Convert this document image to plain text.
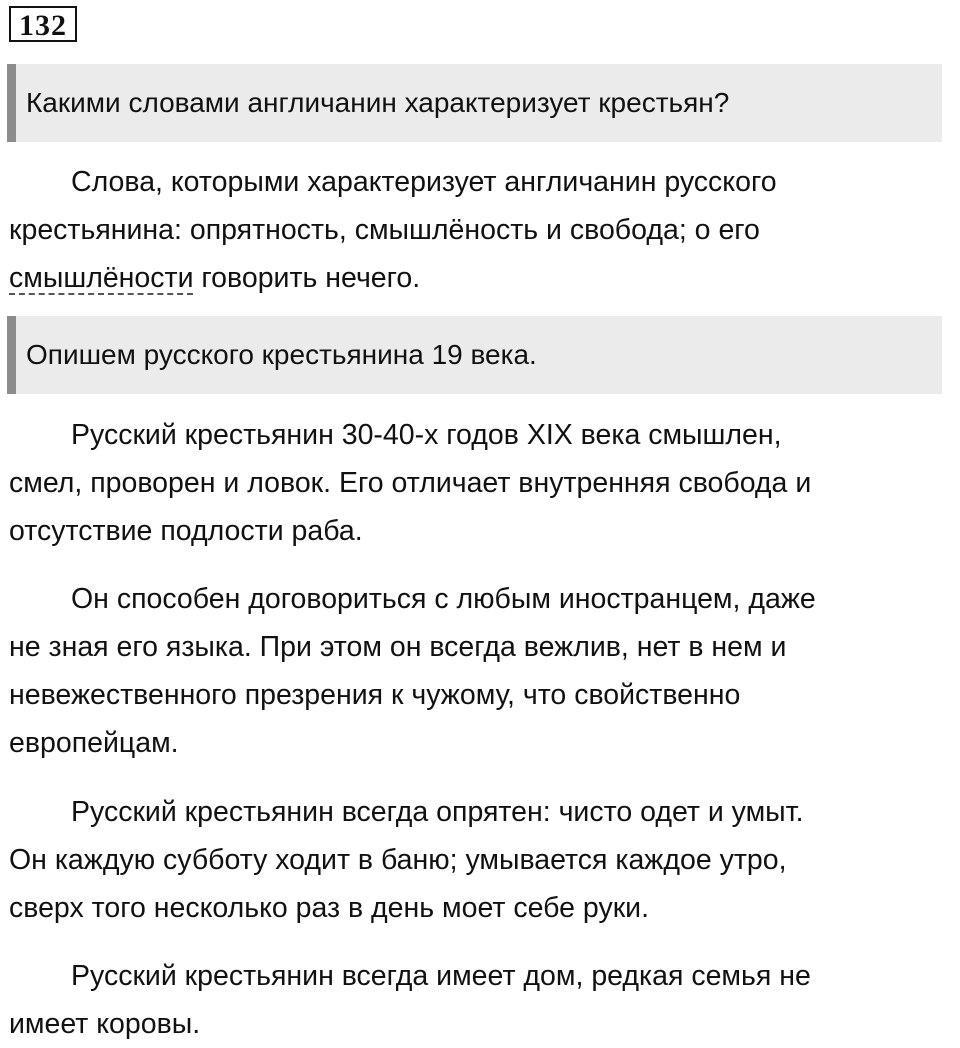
132
Какими словами англичанин характеризует крестьян?

Слова, которыми характеризует англичанин русского
крестьянина: опрятность, смышлёность и свобода; о его
смышлёности говорить нечего.

Опишем русского крестьянина 19 века.

Русский крестьянин 30-40-х годов XIX века смышлен,
смел, проворен и ловок. Его отличает внутренняя свобода и
отсутствие подлости раба.

Он способен договориться с любым иностранцем, даже
не зная его языка. При этом он всегда вежлив, нет в нем и
невежественного презрения к чужому, что свойственно
европейцам.

Русский крестьянин всегда опрятен: чисто одет и умыт.
Он каждую субботу ходит в баню; умывается каждое утро,
сверх того несколько раз в день моет себе руки.

Русский крестьянин всегда имеет дом, редкая семья не
имеет коровы.
